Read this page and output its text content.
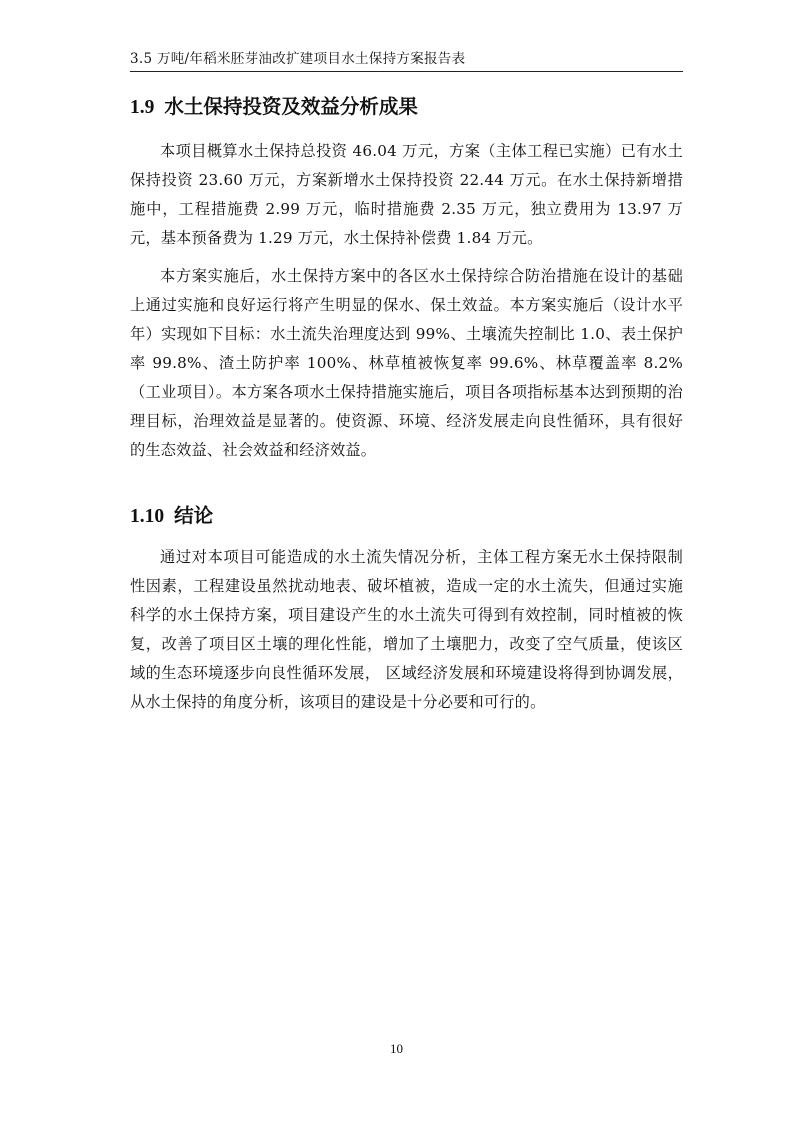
3.5 万吨/年稻米胚芽油改扩建项目水土保持方案报告表
1.9 水土保持投资及效益分析成果

本项目概算水土保持总投资 46.04 万元，方案（主体工程已实施）已有水土保持投资 23.60 万元，方案新增水土保持投资 22.44 万元。在水土保持新增措施中，工程措施费 2.99 万元，临时措施费 2.35 万元，独立费用为 13.97 万元，基本预备费为 1.29 万元，水土保持补偿费 1.84 万元。

本方案实施后，水土保持方案中的各区水土保持综合防治措施在设计的基础上通过实施和良好运行将产生明显的保水、保土效益。本方案实施后（设计水平年）实现如下目标：水土流失治理度达到 99%、土壤流失控制比 1.0、表土保护率 99.8%、渣土防护率 100%、林草植被恢复率 99.6%、林草覆盖率 8.2%（工业项目）。本方案各项水土保持措施实施后，项目各项指标基本达到预期的治理目标，治理效益是显著的。使资源、环境、经济发展走向良性循环，具有很好的生态效益、社会效益和经济效益。

1.10 结论

通过对本项目可能造成的水土流失情况分析，主体工程方案无水土保持限制性因素，工程建设虽然扰动地表、破坏植被，造成一定的水土流失，但通过实施科学的水土保持方案，项目建设产生的水土流失可得到有效控制，同时植被的恢复，改善了项目区土壤的理化性能，增加了土壤肥力，改变了空气质量，使该区域的生态环境逐步向良性循环发展， 区域经济发展和环境建设将得到协调发展，从水土保持的角度分析，该项目的建设是十分必要和可行的。

10
